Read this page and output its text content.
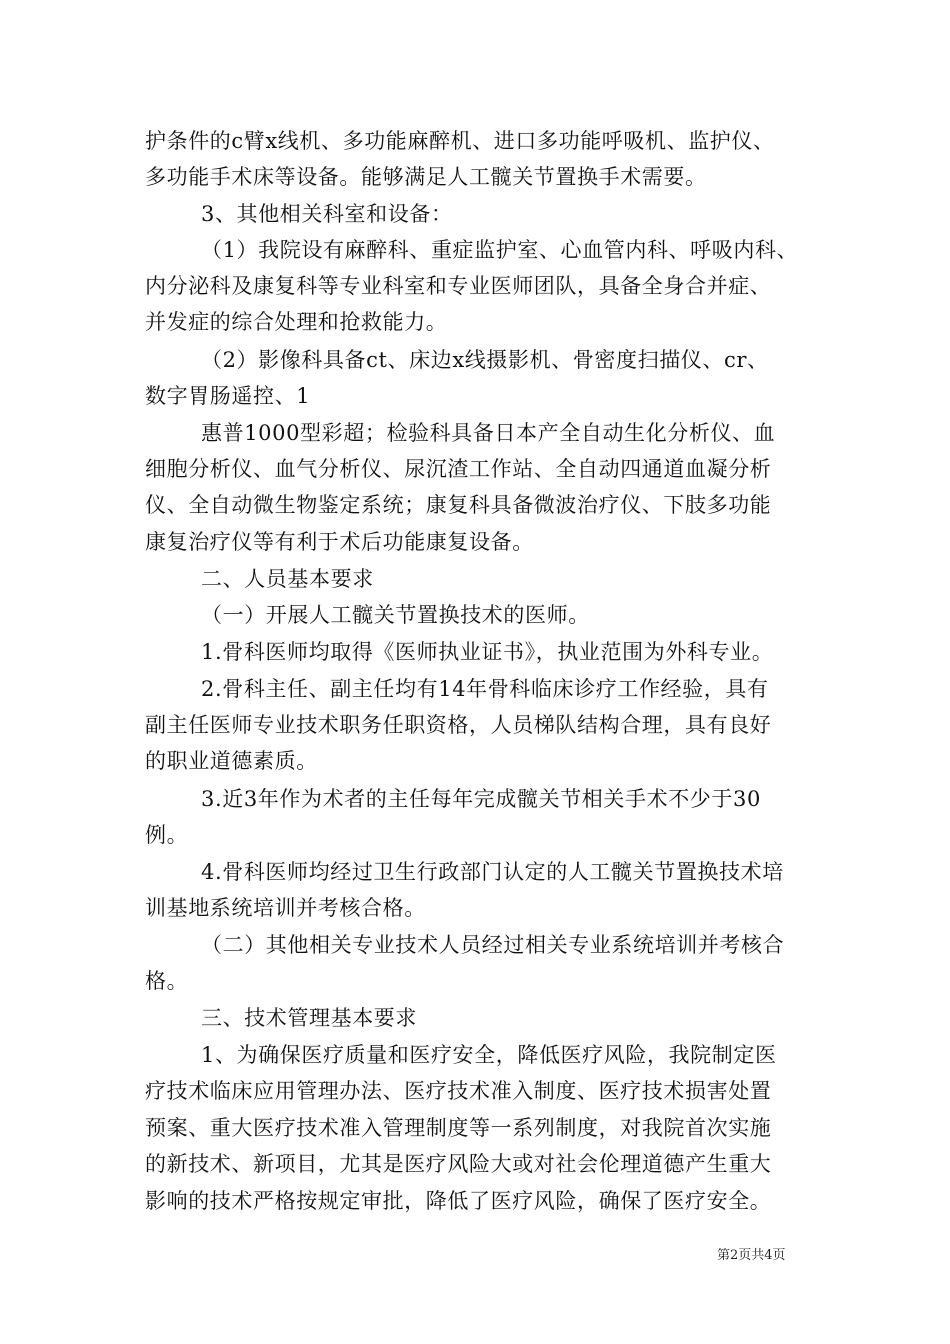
护条件的c臂x线机、多功能麻醉机、进口多功能呼吸机、监护仪、
多功能手术床等设备。能够满足人工髋关节置换手术需要。
3、其他相关科室和设备：
（1）我院设有麻醉科、重症监护室、心血管内科、呼吸内科、
内分泌科及康复科等专业科室和专业医师团队，具备全身合并症、
并发症的综合处理和抢救能力。
（2）影像科具备ct、床边x线摄影机、骨密度扫描仪、cr、
数字胃肠遥控、1
惠普1000型彩超；检验科具备日本产全自动生化分析仪、血
细胞分析仪、血气分析仪、尿沉渣工作站、全自动四通道血凝分析
仪、全自动微生物鉴定系统；康复科具备微波治疗仪、下肢多功能
康复治疗仪等有利于术后功能康复设备。
二、人员基本要求
（一）开展人工髋关节置换技术的医师。
1.骨科医师均取得《医师执业证书》，执业范围为外科专业。
2.骨科主任、副主任均有14年骨科临床诊疗工作经验，具有
副主任医师专业技术职务任职资格，人员梯队结构合理，具有良好
的职业道德素质。
3.近3年作为术者的主任每年完成髋关节相关手术不少于30
例。
4.骨科医师均经过卫生行政部门认定的人工髋关节置换技术培
训基地系统培训并考核合格。
（二）其他相关专业技术人员经过相关专业系统培训并考核合
格。
三、技术管理基本要求
1、为确保医疗质量和医疗安全，降低医疗风险，我院制定医
疗技术临床应用管理办法、医疗技术准入制度、医疗技术损害处置
预案、重大医疗技术准入管理制度等一系列制度，对我院首次实施
的新技术、新项目，尤其是医疗风险大或对社会伦理道德产生重大
影响的技术严格按规定审批，降低了医疗风险，确保了医疗安全。
第2页共4页
